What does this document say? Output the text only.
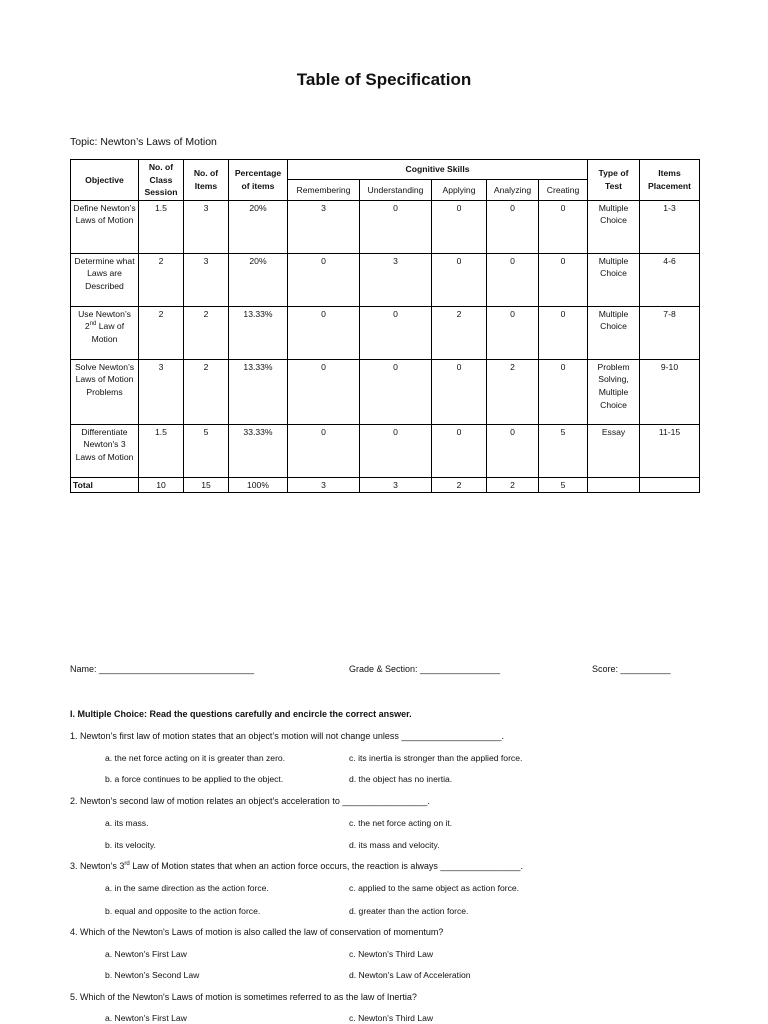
Table of Specification
Topic: Newton’s Laws of Motion
Objective	No. of Class Session	No. of Items	Percentage of items	Cognitive Skills					Type of Test	Items Placement
				Remembering	Understanding	Applying	Analyzing	Creating		
Define Newton’s Laws of Motion	1.5	3	20%	3	0	0	0	0	Multiple Choice	1-3
Determine what Laws are Described	2	3	20%	0	3	0	0	0	Multiple Choice	4-6
Use Newton’s 2nd Law of Motion	2	2	13.33%	0	0	2	0	0	Multiple Choice	7-8
Solve Newton’s Laws of Motion Problems	3	2	13.33%	0	0	0	2	0	Problem Solving, Multiple Choice	9-10
Differentiate Newton's 3 Laws of Motion	1.5	5	33.33%	0	0	0	0	5	Essay	11-15
Total	10	15	100%	3	3	2	2	5		
Name: _______________________________	Grade & Section: ________________	Score: __________
I. Multiple Choice: Read the questions carefully and encircle the correct answer.
1. Newton’s first law of motion states that an object’s motion will not change unless ____________________.
a. the net force acting on it is greater than zero.	c. its inertia is stronger than the applied force.
b. a force continues to be applied to the object.	d. the object has no inertia.
2. Newton’s second law of motion relates an object’s acceleration to _________________.
a. its mass.	c. the net force acting on it.
b. its velocity.	d. its mass and velocity.
3. Newton’s 3rd Law of Motion states that when an action force occurs, the reaction is always ________________.
a. in the same direction as the action force.	c. applied to the same object as action force.
b. equal and opposite to the action force.	d. greater than the action force.
4. Which of the Newton's Laws of motion is also called the law of conservation of momentum?
a. Newton's First Law	c. Newton's Third Law
b. Newton's Second Law	d. Newton's Law of Acceleration
5. Which of the Newton's Laws of motion is sometimes referred to as the law of Inertia?
a. Newton's First Law	c. Newton's Third Law
